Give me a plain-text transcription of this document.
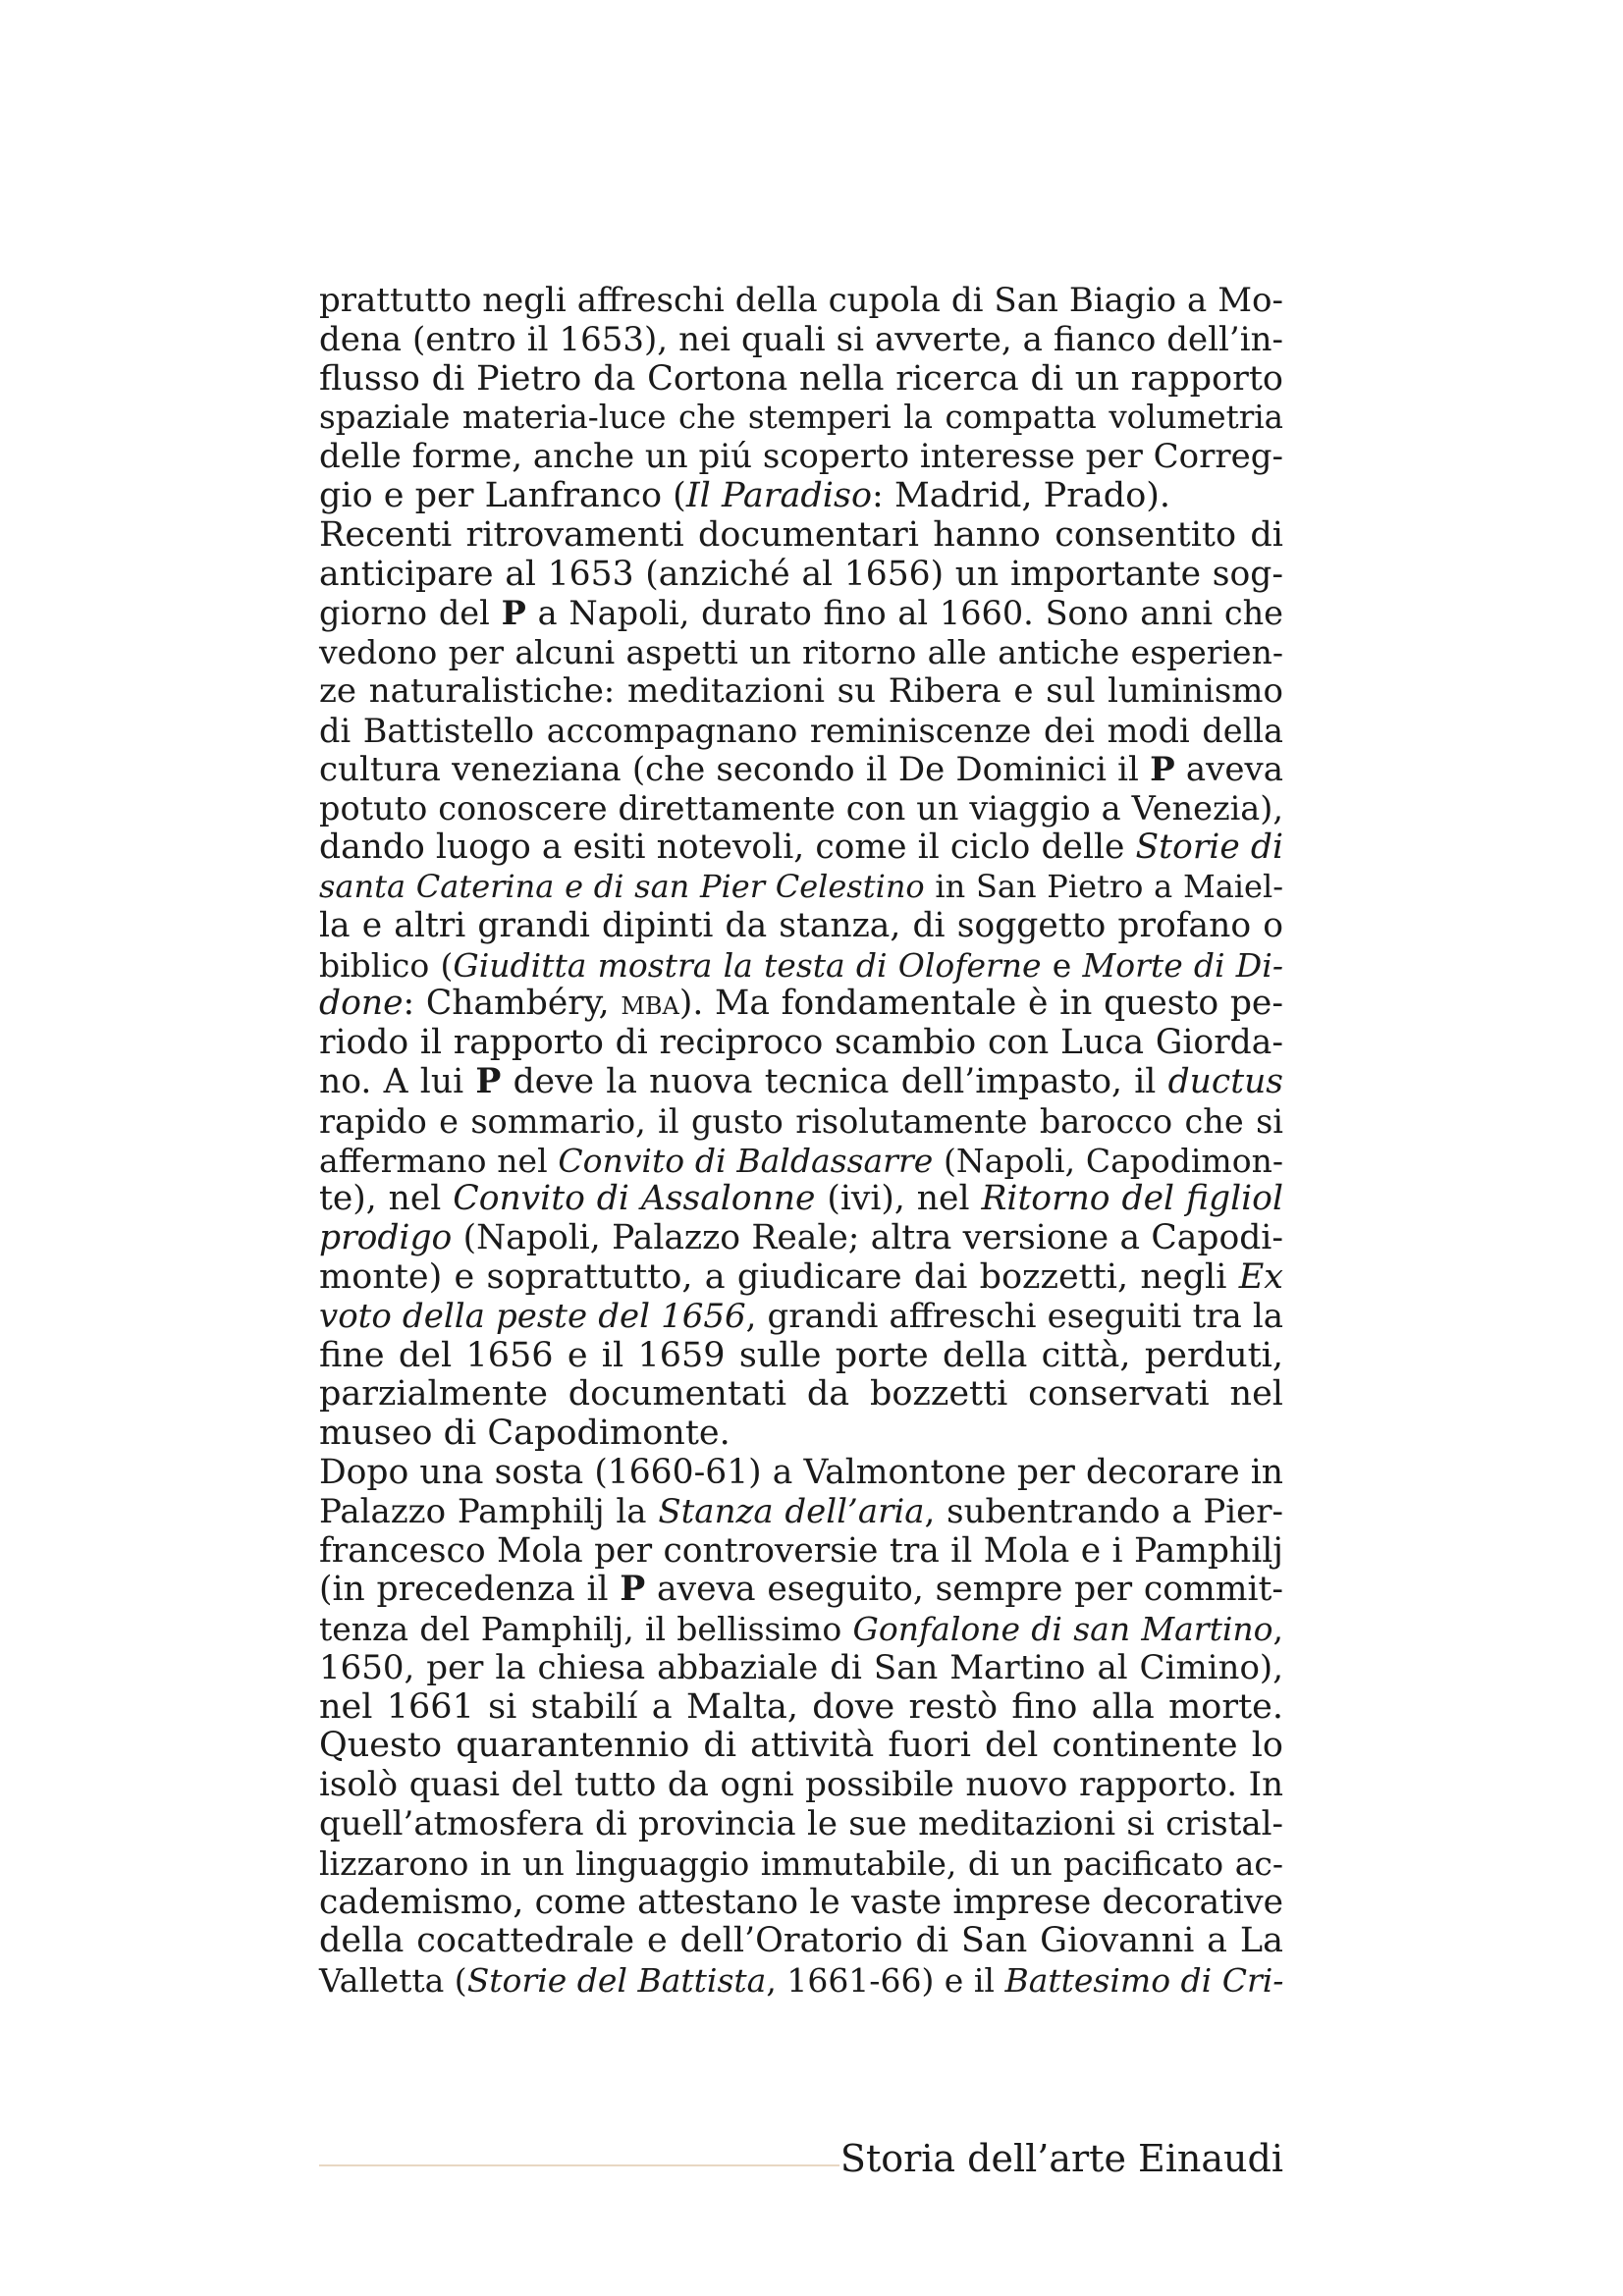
prattutto negli affreschi della cupola di San Biagio a Mo-
dena (entro il 1653), nei quali si avverte, a fianco dell’in-
flusso di Pietro da Cortona nella ricerca di un rapporto
spaziale materia-luce che stemperi la compatta volumetria
delle forme, anche un piú scoperto interesse per Correg-
gio e per Lanfranco (Il Paradiso: Madrid, Prado).
Recenti ritrovamenti documentari hanno consentito di
anticipare al 1653 (anziché al 1656) un importante sog-
giorno del P a Napoli, durato fino al 1660. Sono anni che
vedono per alcuni aspetti un ritorno alle antiche esperien-
ze naturalistiche: meditazioni su Ribera e sul luminismo
di Battistello accompagnano reminiscenze dei modi della
cultura veneziana (che secondo il De Dominici il P aveva
potuto conoscere direttamente con un viaggio a Venezia),
dando luogo a esiti notevoli, come il ciclo delle Storie di
santa Caterina e di san Pier Celestino in San Pietro a Maiel-
la e altri grandi dipinti da stanza, di soggetto profano o
biblico (Giuditta mostra la testa di Oloferne e Morte di Di-
done: Chambéry, mba). Ma fondamentale è in questo pe-
riodo il rapporto di reciproco scambio con Luca Giorda-
no. A lui P deve la nuova tecnica dell’impasto, il ductus
rapido e sommario, il gusto risolutamente barocco che si
affermano nel Convito di Baldassarre (Napoli, Capodimon-
te), nel Convito di Assalonne (ivi), nel Ritorno del figliol
prodigo (Napoli, Palazzo Reale; altra versione a Capodi-
monte) e soprattutto, a giudicare dai bozzetti, negli Ex
voto della peste del 1656, grandi affreschi eseguiti tra la
fine del 1656 e il 1659 sulle porte della città, perduti,
parzialmente documentati da bozzetti conservati nel
museo di Capodimonte.
Dopo una sosta (1660-61) a Valmontone per decorare in
Palazzo Pamphilj la Stanza dell’aria, subentrando a Pier-
francesco Mola per controversie tra il Mola e i Pamphilj
(in precedenza il P aveva eseguito, sempre per commit-
tenza del Pamphilj, il bellissimo Gonfalone di san Martino,
1650, per la chiesa abbaziale di San Martino al Cimino),
nel 1661 si stabilí a Malta, dove restò fino alla morte.
Questo quarantennio di attività fuori del continente lo
isolò quasi del tutto da ogni possibile nuovo rapporto. In
quell’atmosfera di provincia le sue meditazioni si cristal-
lizzarono in un linguaggio immutabile, di un pacificato ac-
cademismo, come attestano le vaste imprese decorative
della cocattedrale e dell’Oratorio di San Giovanni a La
Valletta (Storie del Battista, 1661-66) e il Battesimo di Cri-
Storia dell’arte Einaudi
